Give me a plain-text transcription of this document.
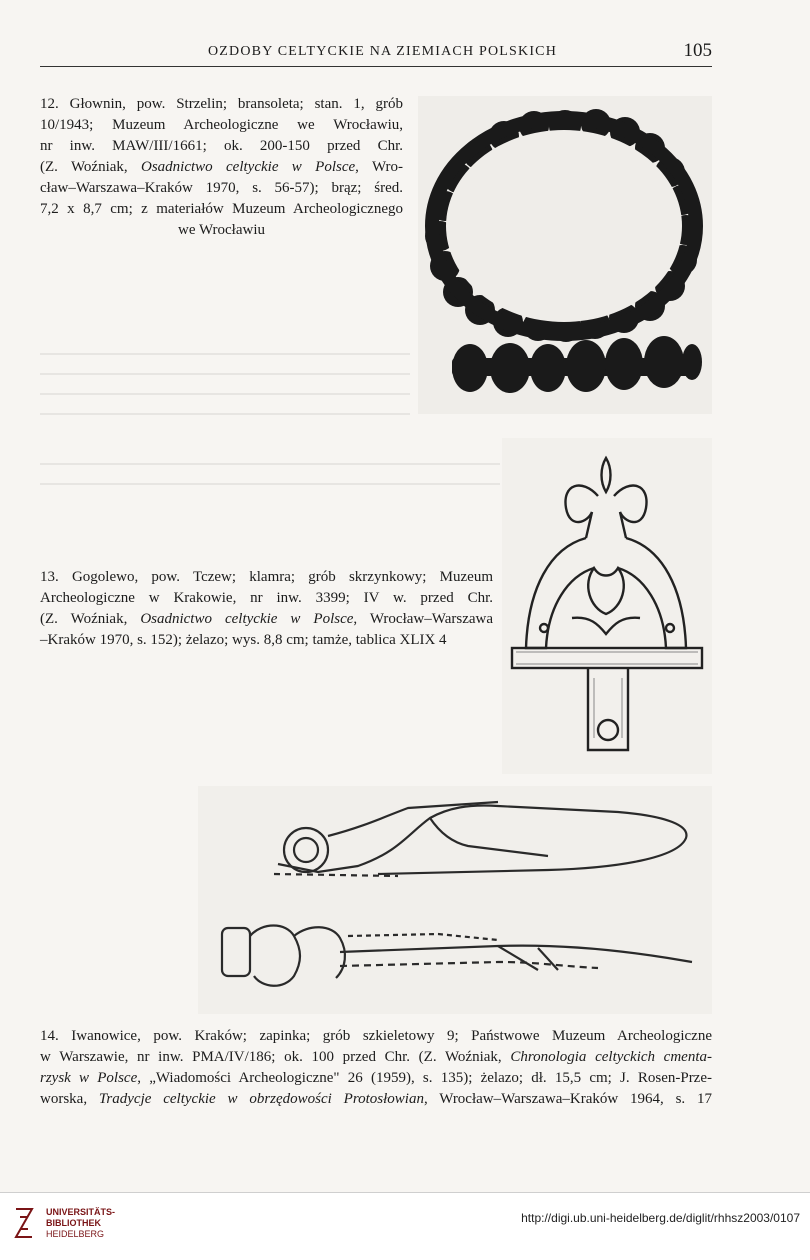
OZDOBY CELTYCKIE NA ZIEMIACH POLSKICH	105
12. Głownin, pow. Strzelin; bransoleta; stan. 1, grób
10/1943; Muzeum Archeologiczne we Wrocławiu,
nr inw. MAW/III/1661; ok. 200-150 przed Chr.
(Z. Woźniak, Osadnictwo celtyckie w Polsce, Wro-
cław–Warszawa–Kraków 1970, s. 56-57); brąz; śred.
7,2 x 8,7 cm; z materiałów Muzeum Archeologicznego
we Wrocławiu
13. Gogolewo, pow. Tczew; klamra; grób skrzynkowy; Muzeum
Archeologiczne w Krakowie, nr inw. 3399; IV w. przed Chr.
(Z. Woźniak, Osadnictwo celtyckie w Polsce, Wrocław–Warszawa
–Kraków 1970, s. 152); żelazo; wys. 8,8 cm; tamże, tablica XLIX 4
14. Iwanowice, pow. Kraków; zapinka; grób szkieletowy 9; Państwowe Muzeum Archeologiczne
w Warszawie, nr inw. PMA/IV/186; ok. 100 przed Chr. (Z. Woźniak, Chronologia celtyckich cmenta-
rzysk w Polsce, „Wiadomości Archeologiczne" 26 (1959), s. 135); żelazo; dł. 15,5 cm; J. Rosen-Prze-
worska, Tradycje celtyckie w obrzędowości Protosłowian, Wrocław–Warszawa–Kraków 1964, s. 17
UNIVERSITÄTS-
BIBLIOTHEK
HEIDELBERG
http://digi.ub.uni-heidelberg.de/diglit/rhhsz2003/0107
